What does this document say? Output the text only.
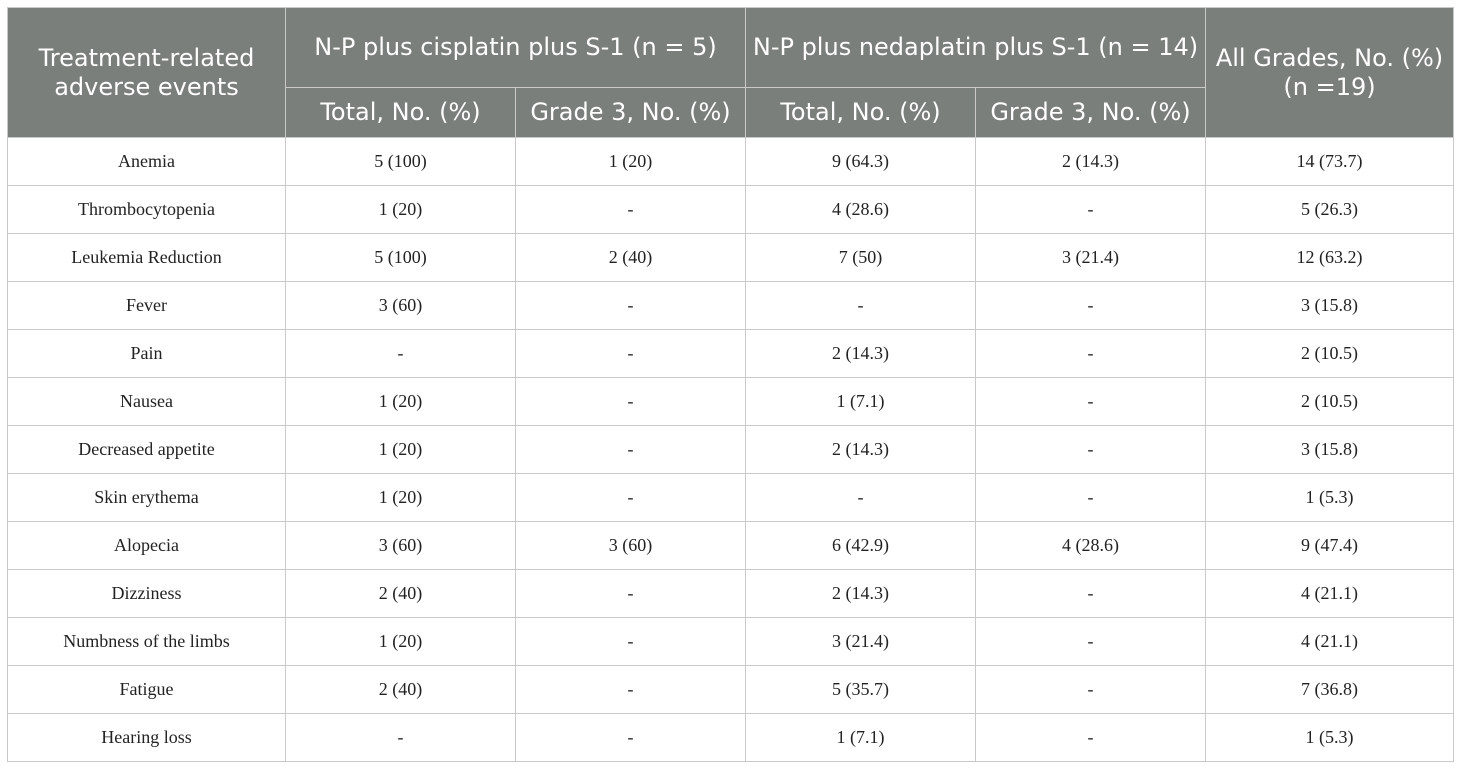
Treatment-related adverse events	N-P plus cisplatin plus S-1 (n = 5)		N-P plus nedaplatin plus S-1 (n = 14)		All Grades, No. (%) (n =19)
	Total, No. (%)	Grade 3, No. (%)	Total, No. (%)	Grade 3, No. (%)	
Anemia	5 (100)	1 (20)	9 (64.3)	2 (14.3)	14 (73.7)
Thrombocytopenia	1 (20)	-	4 (28.6)	-	5 (26.3)
Leukemia Reduction	5 (100)	2 (40)	7 (50)	3 (21.4)	12 (63.2)
Fever	3 (60)	-	-	-	3 (15.8)
Pain	-	-	2 (14.3)	-	2 (10.5)
Nausea	1 (20)	-	1 (7.1)	-	2 (10.5)
Decreased appetite	1 (20)	-	2 (14.3)	-	3 (15.8)
Skin erythema	1 (20)	-	-	-	1 (5.3)
Alopecia	3 (60)	3 (60)	6 (42.9)	4 (28.6)	9 (47.4)
Dizziness	2 (40)	-	2 (14.3)	-	4 (21.1)
Numbness of the limbs	1 (20)	-	3 (21.4)	-	4 (21.1)
Fatigue	2 (40)	-	5 (35.7)	-	7 (36.8)
Hearing loss	-	-	1 (7.1)	-	1 (5.3)
